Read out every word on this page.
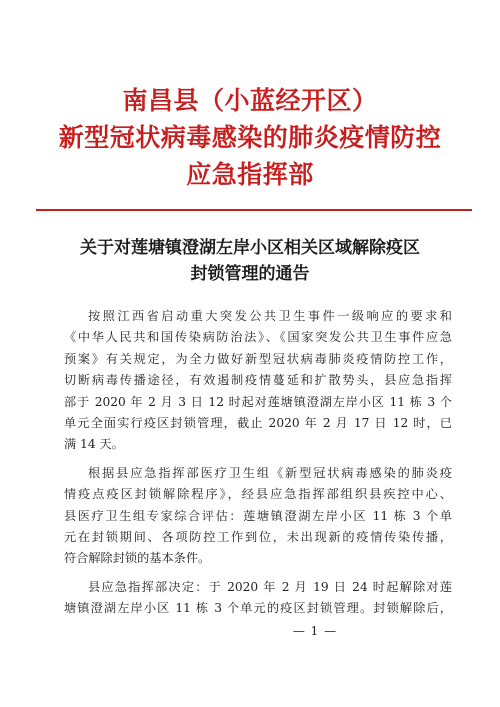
南昌县（小蓝经开区）
新型冠状病毒感染的肺炎疫情防控
应急指挥部
关于对莲塘镇澄湖左岸小区相关区域解除疫区
封锁管理的通告

按照江西省启动重大突发公共卫生事件一级响应的要求和
《中华人民共和国传染病防治法》、《国家突发公共卫生事件应急
预案》有关规定，为全力做好新型冠状病毒肺炎疫情防控工作，
切断病毒传播途径，有效遏制疫情蔓延和扩散势头，县应急指挥
部于 2020 年 2 月 3 日 12 时起对莲塘镇澄湖左岸小区 11 栋 3 个
单元全面实行疫区封锁管理，截止 2020 年 2 月 17 日 12 时，已
满 14 天。

根据县应急指挥部医疗卫生组《新型冠状病毒感染的肺炎疫
情疫点疫区封锁解除程序》，经县应急指挥部组织县疾控中心、
县医疗卫生组专家综合评估：莲塘镇澄湖左岸小区 11 栋 3 个单
元在封锁期间、各项防控工作到位，未出现新的疫情传染传播，
符合解除封锁的基本条件。

县应急指挥部决定：于 2020 年 2 月 19 日 24 时起解除对莲
塘镇澄湖左岸小区 11 栋 3 个单元的疫区封锁管理。封锁解除后，

— 1 —
